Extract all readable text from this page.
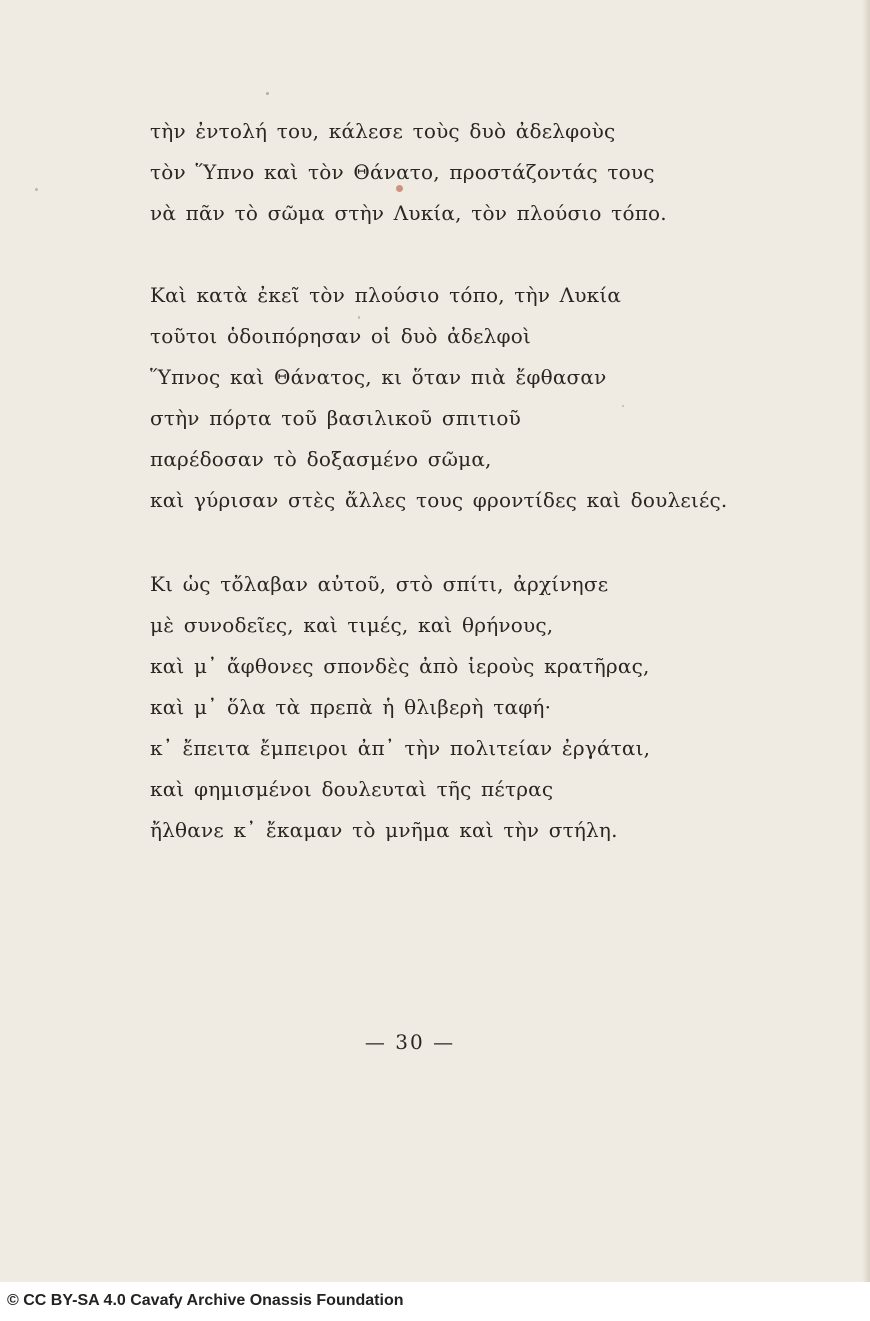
τὴν ἐντολή του, κάλεσε τοὺς δυὸ ἀδελφοὺς
τὸν Ὕπνο καὶ τὸν Θάνατο, προστάζοντάς τους
νὰ πᾶν τὸ σῶμα στὴν Λυκία, τὸν πλούσιο τόπο.
Καὶ κατὰ ἐκεῖ τὸν πλούσιο τόπο, τὴν Λυκία
τοῦτοι ὁδοιπόρησαν οἱ δυὸ ἀδελφοὶ
Ὕπνος καὶ Θάνατος, κι ὅταν πιὰ ἔφθασαν
στὴν πόρτα τοῦ βασιλικοῦ σπιτιοῦ
παρέδοσαν τὸ δοξασμένο σῶμα,
καὶ γύρισαν στὲς ἄλλες τους φροντίδες καὶ δουλειές.
Κι ὡς τὄλαβαν αὐτοῦ, στὸ σπίτι, ἀρχίνησε
μὲ συνοδεῖες, καὶ τιμές, καὶ θρήνους,
καὶ μ᾿ ἄφθονες σπονδὲς ἀπὸ ἱεροὺς κρατῆρας,
καὶ μ᾿ ὅλα τὰ πρεπὰ ἡ θλιβερὴ ταφή·
κ᾿ ἔπειτα ἔμπειροι ἀπ᾿ τὴν πολιτείαν ἐργάται,
καὶ φημισμένοι δουλευταὶ τῆς πέτρας
ἤλθανε κ᾿ ἔκαμαν τὸ μνῆμα καὶ τὴν στήλη.
— 30 —
© CC BY-SA 4.0 Cavafy Archive Onassis Foundation
